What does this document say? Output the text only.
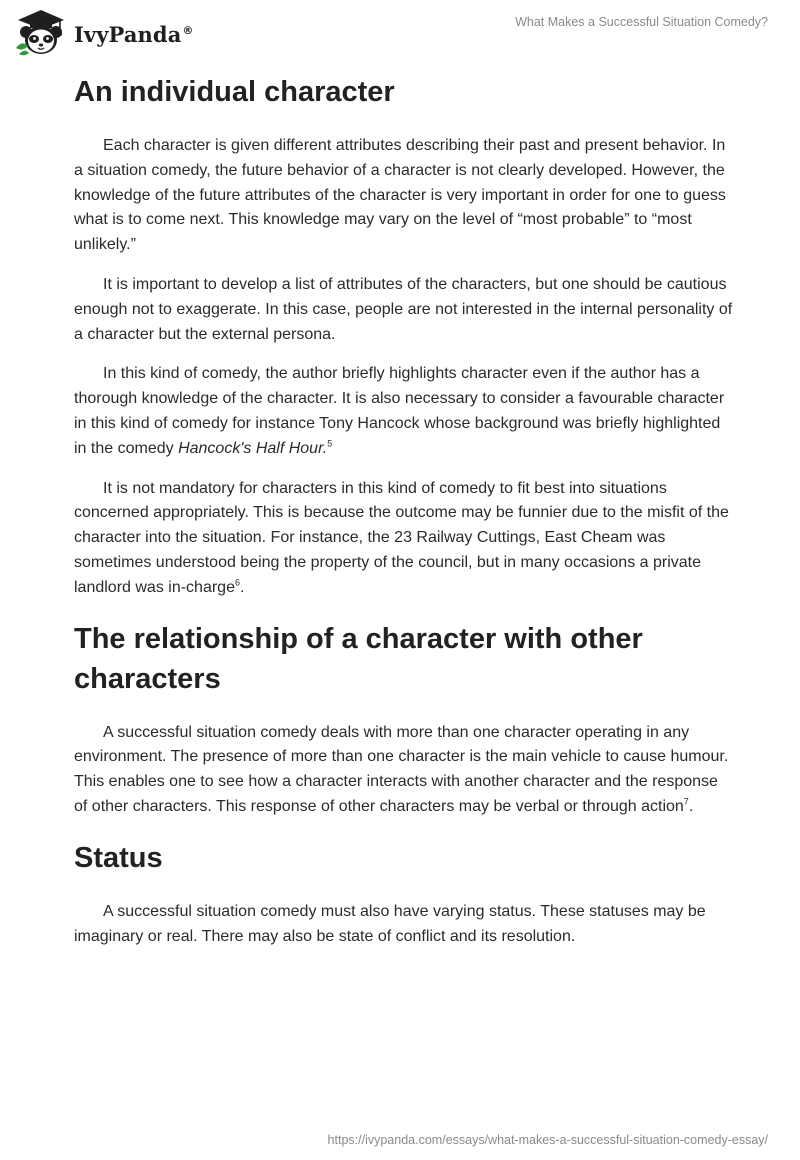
IvyPanda®
What Makes a Successful Situation Comedy?
An individual character

Each character is given different attributes describing their past and present behavior. In a situation comedy, the future behavior of a character is not clearly developed. However, the knowledge of the future attributes of the character is very important in order for one to guess what is to come next. This knowledge may vary on the level of “most probable” to “most unlikely.”

It is important to develop a list of attributes of the characters, but one should be cautious enough not to exaggerate. In this case, people are not interested in the internal personality of a character but the external persona.

In this kind of comedy, the author briefly highlights character even if the author has a thorough knowledge of the character. It is also necessary to consider a favourable character in this kind of comedy for instance Tony Hancock whose background was briefly highlighted in the comedy Hancock's Half Hour.$^5$

It is not mandatory for characters in this kind of comedy to fit best into situations concerned appropriately. This is because the outcome may be funnier due to the misfit of the character into the situation. For instance, the 23 Railway Cuttings, East Cheam was sometimes understood being the property of the council, but in many occasions a private landlord was in-charge$^6$.

The relationship of a character with other characters

A successful situation comedy deals with more than one character operating in any environment. The presence of more than one character is the main vehicle to cause humour. This enables one to see how a character interacts with another character and the response of other characters. This response of other characters may be verbal or through action$^7$.

Status

A successful situation comedy must also have varying status. These statuses may be imaginary or real. There may also be state of conflict and its resolution.

https://ivypanda.com/essays/what-makes-a-successful-situation-comedy-essay/
